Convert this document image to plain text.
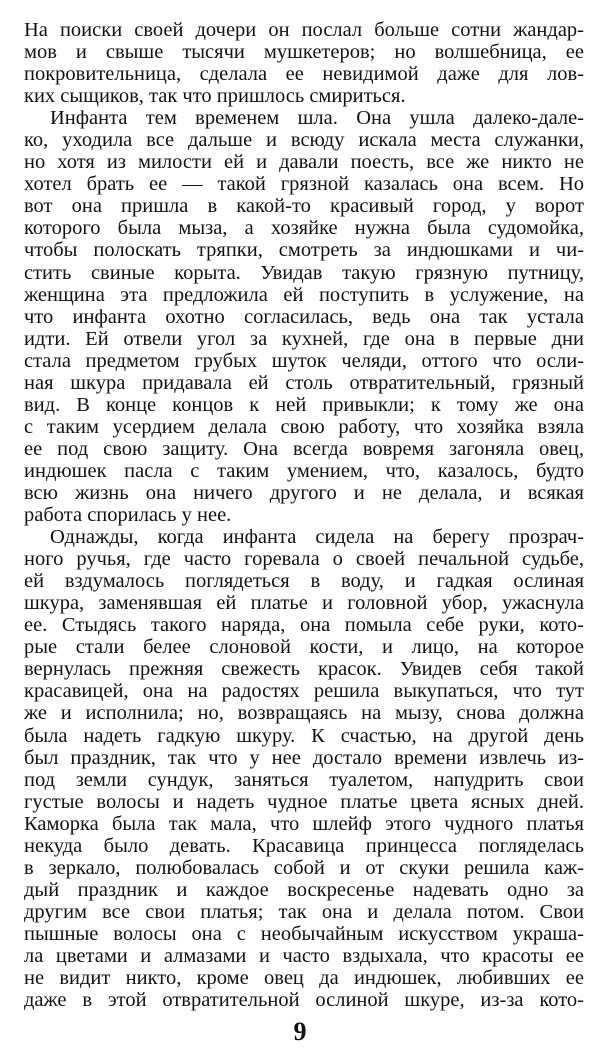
На поиски своей дочери он послал больше сотни жандар-
мов и свыше тысячи мушкетеров; но волшебница, ее
покровительница, сделала ее невидимой даже для лов-
ких сыщиков, так что пришлось смириться.
Инфанта тем временем шла. Она ушла далеко-дале-
ко, уходила все дальше и всюду искала места служанки,
но хотя из милости ей и давали поесть, все же никто не
хотел брать ее — такой грязной казалась она всем. Но
вот она пришла в какой-то красивый город, у ворот
которого была мыза, а хозяйке нужна была судомойка,
чтобы полоскать тряпки, смотреть за индюшками и чи-
стить свиные корыта. Увидав такую грязную путницу,
женщина эта предложила ей поступить в услужение, на
что инфанта охотно согласилась, ведь она так устала
идти. Ей отвели угол за кухней, где она в первые дни
стала предметом грубых шуток челяди, оттого что осли-
ная шкура придавала ей столь отвратительный, грязный
вид. В конце концов к ней привыкли; к тому же она
с таким усердием делала свою работу, что хозяйка взяла
ее под свою защиту. Она всегда вовремя загоняла овец,
индюшек пасла с таким умением, что, казалось, будто
всю жизнь она ничего другого и не делала, и всякая
работа спорилась у нее.
Однажды, когда инфанта сидела на берегу прозрач-
ного ручья, где часто горевала о своей печальной судьбе,
ей вздумалось поглядеться в воду, и гадкая ослиная
шкура, заменявшая ей платье и головной убор, ужаснула
ее. Стыдясь такого наряда, она помыла себе руки, кото-
рые стали белее слоновой кости, и лицо, на которое
вернулась прежняя свежесть красок. Увидев себя такой
красавицей, она на радостях решила выкупаться, что тут
же и исполнила; но, возвращаясь на мызу, снова должна
была надеть гадкую шкуру. К счастью, на другой день
был праздник, так что у нее достало времени извлечь из-
под земли сундук, заняться туалетом, напудрить свои
густые волосы и надеть чудное платье цвета ясных дней.
Каморка была так мала, что шлейф этого чудного платья
некуда было девать. Красавица принцесса погляделась
в зеркало, полюбовалась собой и от скуки решила каж-
дый праздник и каждое воскресенье надевать одно за
другим все свои платья; так она и делала потом. Свои
пышные волосы она с необычайным искусством украша-
ла цветами и алмазами и часто вздыхала, что красоты ее
не видит никто, кроме овец да индюшек, любивших ее
даже в этой отвратительной ослиной шкуре, из-за кото-
9
